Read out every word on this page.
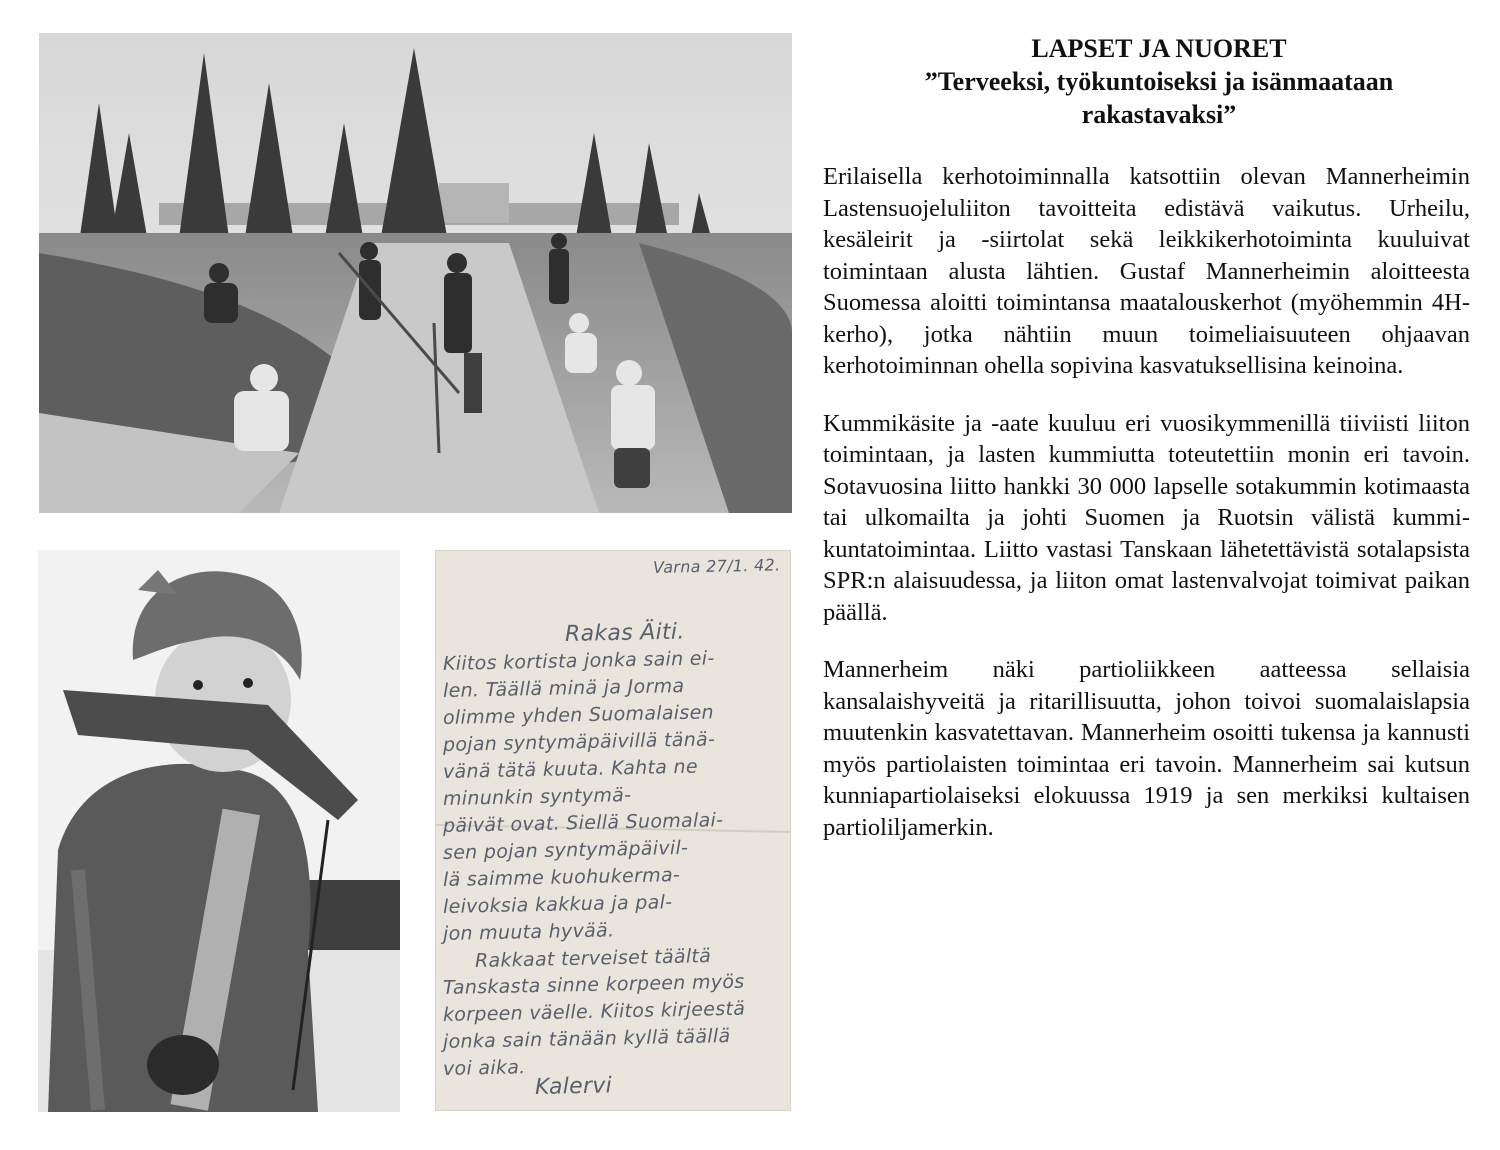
Varna 27/1. 42.
Rakas Äiti.
Kiitos kortista jonka sain ei-
len. Täällä minä ja Jorma
olimme yhden Suomalaisen
pojan syntymäpäivillä tänä-
vänä tätä kuuta. Kahta ne
minunkin syntymä-
päivät ovat. Siellä Suomalai-
sen pojan syntymäpäivil-
lä saimme kuohukerma-
leivoksia kakkua ja pal-
jon muuta hyvää.
Rakkaat terveiset täältä
Tanskasta sinne korpeen myös
korpeen väelle. Kiitos kirjeestä
jonka sain tänään kyllä täällä
voi aika.
Kalervi
LAPSET JA NUORET
”Terveeksi, työkuntoiseksi ja isänmaataan
rakastavaksi”

Erilaisella kerhotoiminnalla katsottiin olevan Mannerheimin Lastensuojeluliiton tavoitteita edistävä vaikutus. Urheilu, kesäleirit ja -siirtolat sekä leikkikerhotoiminta kuuluivat toimintaan alusta lähtien. Gustaf Mannerheimin aloitteesta Suomessa aloitti toimintansa maatalouskerhot (myöhemmin 4H-kerho), jotka nähtiin muun toimeliaisuuteen ohjaavan kerhotoiminnan ohella sopivina kasvatuksellisina keinoina.

Kummikäsite ja -aate kuuluu eri vuosikymmenillä tiiviisti liiton toimintaan, ja lasten kummiutta toteutettiin monin eri tavoin. Sotavuosina liitto hankki 30 000 lapselle sotakummin kotimaasta tai ulkomailta ja johti Suomen ja Ruotsin välistä kummi-kuntatoimintaa. Liitto vastasi Tanskaan lähetettävistä sotalapsista SPR:n alaisuudessa, ja liiton omat lastenvalvojat toimivat paikan päällä.

Mannerheim näki partioliikkeen aatteessa sellaisia kansalaishyveitä ja ritarillisuutta, johon toivoi suomalaislapsia muutenkin kasvatettavan. Mannerheim osoitti tukensa ja kannusti myös partiolaisten toimintaa eri tavoin. Mannerheim sai kutsun kunniapartiolaiseksi elokuussa 1919 ja sen merkiksi kultaisen partioliljamerkin.
